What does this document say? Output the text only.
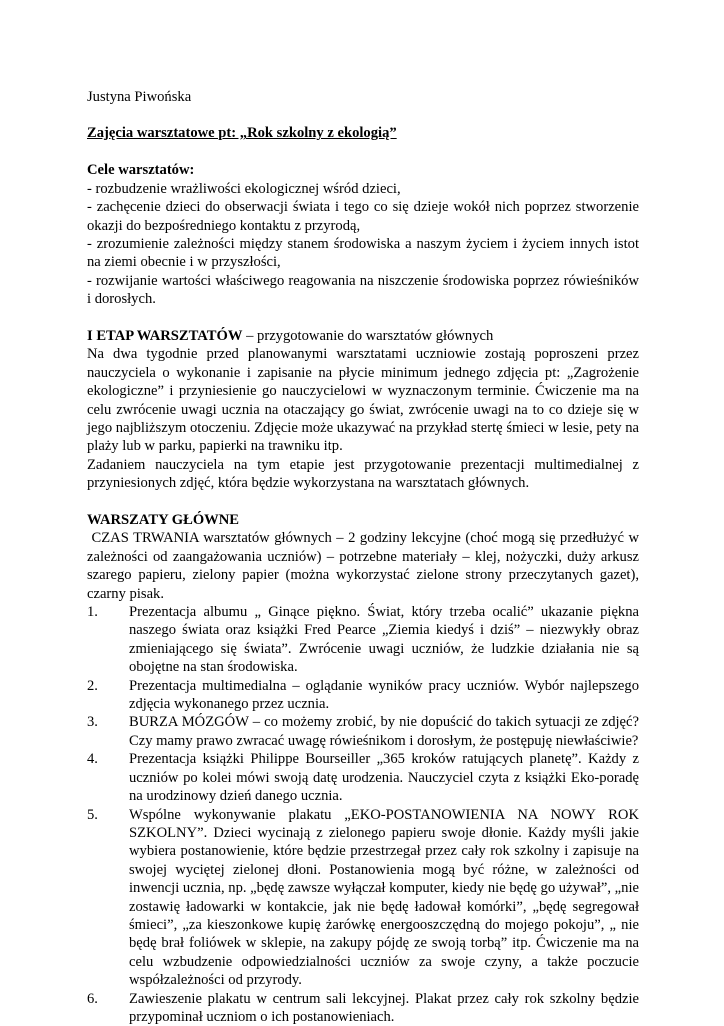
Justyna Piwońska

Zajęcia warsztatowe pt: „Rok szkolny z ekologią”

Cele warsztatów:

- rozbudzenie wrażliwości ekologicznej wśród dzieci,

- zachęcenie dzieci do obserwacji świata i tego co się dzieje wokół nich poprzez stworzenie okazji do bezpośredniego kontaktu z przyrodą,

- zrozumienie zależności między stanem środowiska a naszym życiem i życiem innych istot na ziemi obecnie i w przyszłości,

- rozwijanie wartości właściwego reagowania na niszczenie środowiska poprzez rówieśników i dorosłych.

I ETAP WARSZTATÓW – przygotowanie do warsztatów głównych

Na dwa tygodnie przed planowanymi warsztatami uczniowie zostają poproszeni przez nauczyciela o wykonanie i zapisanie na płycie minimum jednego zdjęcia pt: „Zagrożenie ekologiczne” i przyniesienie go nauczycielowi w wyznaczonym terminie. Ćwiczenie ma na celu zwrócenie uwagi ucznia na otaczający go świat, zwrócenie uwagi na to co dzieje się w jego najbliższym otoczeniu. Zdjęcie może ukazywać na przykład stertę śmieci w lesie, pety na plaży lub w parku, papierki na trawniku itp.

Zadaniem nauczyciela na tym etapie jest przygotowanie prezentacji multimedialnej z przyniesionych zdjęć, która będzie wykorzystana na warsztatach głównych.

WARSZATY GŁÓWNE

CZAS TRWANIA warsztatów głównych – 2 godziny lekcyjne (choć mogą się przedłużyć w zależności od zaangażowania uczniów) – potrzebne materiały – klej, nożyczki, duży arkusz szarego papieru, zielony papier (można wykorzystać zielone strony przeczytanych gazet), czarny pisak.

1.	Prezentacja albumu „ Ginące piękno. Świat, który trzeba ocalić” ukazanie piękna naszego świata oraz książki Fred Pearce „Ziemia kiedyś i dziś” – niezwykły obraz zmieniającego się świata”. Zwrócenie uwagi uczniów, że ludzkie działania nie są obojętne na stan środowiska.
2.	Prezentacja multimedialna – oglądanie wyników pracy uczniów. Wybór najlepszego zdjęcia wykonanego przez ucznia.
3.	BURZA MÓZGÓW – co możemy zrobić, by nie dopuścić do takich sytuacji ze zdjęć? Czy mamy prawo zwracać uwagę rówieśnikom i dorosłym, że postępuję niewłaściwie?
4.	Prezentacja książki Philippe Bourseiller „365 kroków ratujących planetę”. Każdy z uczniów po kolei mówi swoją datę urodzenia. Nauczyciel czyta z książki Eko-poradę na urodzinowy dzień danego ucznia.
5.	Wspólne wykonywanie plakatu „EKO-POSTANOWIENIA NA NOWY ROK SZKOLNY”. Dzieci wycinają z zielonego papieru swoje dłonie. Każdy myśli jakie wybiera postanowienie, które będzie przestrzegał przez cały rok szkolny i zapisuje na swojej wyciętej zielonej dłoni. Postanowienia mogą być różne, w zależności od inwencji ucznia, np. „będę zawsze wyłączał komputer, kiedy nie będę go używał”, „nie zostawię ładowarki w kontakcie, jak nie będę ładował komórki”, „będę segregował śmieci”, „za kieszonkowe kupię żarówkę energooszczędną do mojego pokoju”, „ nie będę brał foliówek w sklepie, na zakupy pójdę ze swoją torbą” itp. Ćwiczenie ma na celu wzbudzenie odpowiedzialności uczniów za swoje czyny, a także poczucie współzależności od przyrody.
6.	Zawieszenie plakatu w centrum sali lekcyjnej. Plakat przez cały rok szkolny będzie przypominał uczniom o ich postanowieniach.
